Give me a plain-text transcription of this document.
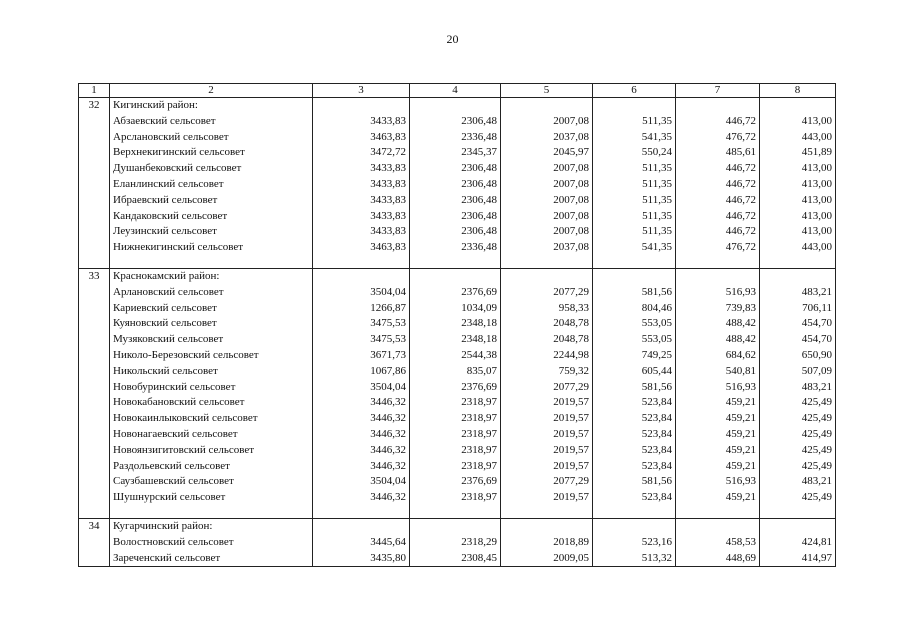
20
1	2	3	4	5	6	7	8
32	Кигинский район:						
	Абзаевский сельсовет	3433,83	2306,48	2007,08	511,35	446,72	413,00
	Арслановский сельсовет	3463,83	2336,48	2037,08	541,35	476,72	443,00
	Верхнекигинский сельсовет	3472,72	2345,37	2045,97	550,24	485,61	451,89
	Душанбековский сельсовет	3433,83	2306,48	2007,08	511,35	446,72	413,00
	Еланлинский сельсовет	3433,83	2306,48	2007,08	511,35	446,72	413,00
	Ибраевский сельсовет	3433,83	2306,48	2007,08	511,35	446,72	413,00
	Кандаковский сельсовет	3433,83	2306,48	2007,08	511,35	446,72	413,00
	Леузинский сельсовет	3433,83	2306,48	2007,08	511,35	446,72	413,00
	Нижнекигинский сельсовет	3463,83	2336,48	2037,08	541,35	476,72	443,00

33	Краснокамский район:						
	Арлановский сельсовет	3504,04	2376,69	2077,29	581,56	516,93	483,21
	Кариевский сельсовет	1266,87	1034,09	958,33	804,46	739,83	706,11
	Куяновский сельсовет	3475,53	2348,18	2048,78	553,05	488,42	454,70
	Музяковский сельсовет	3475,53	2348,18	2048,78	553,05	488,42	454,70
	Николо-Березовский сельсовет	3671,73	2544,38	2244,98	749,25	684,62	650,90
	Никольский сельсовет	1067,86	835,07	759,32	605,44	540,81	507,09
	Новобуринский сельсовет	3504,04	2376,69	2077,29	581,56	516,93	483,21
	Новокабановский сельсовет	3446,32	2318,97	2019,57	523,84	459,21	425,49
	Новокаинлыковский сельсовет	3446,32	2318,97	2019,57	523,84	459,21	425,49
	Новонагаевский сельсовет	3446,32	2318,97	2019,57	523,84	459,21	425,49
	Новоянзигитовский сельсовет	3446,32	2318,97	2019,57	523,84	459,21	425,49
	Раздольевский сельсовет	3446,32	2318,97	2019,57	523,84	459,21	425,49
	Саузбашевский сельсовет	3504,04	2376,69	2077,29	581,56	516,93	483,21
	Шушнурский сельсовет	3446,32	2318,97	2019,57	523,84	459,21	425,49

34	Кугарчинский район:						
	Волостновский сельсовет	3445,64	2318,29	2018,89	523,16	458,53	424,81
	Зареченский сельсовет	3435,80	2308,45	2009,05	513,32	448,69	414,97
